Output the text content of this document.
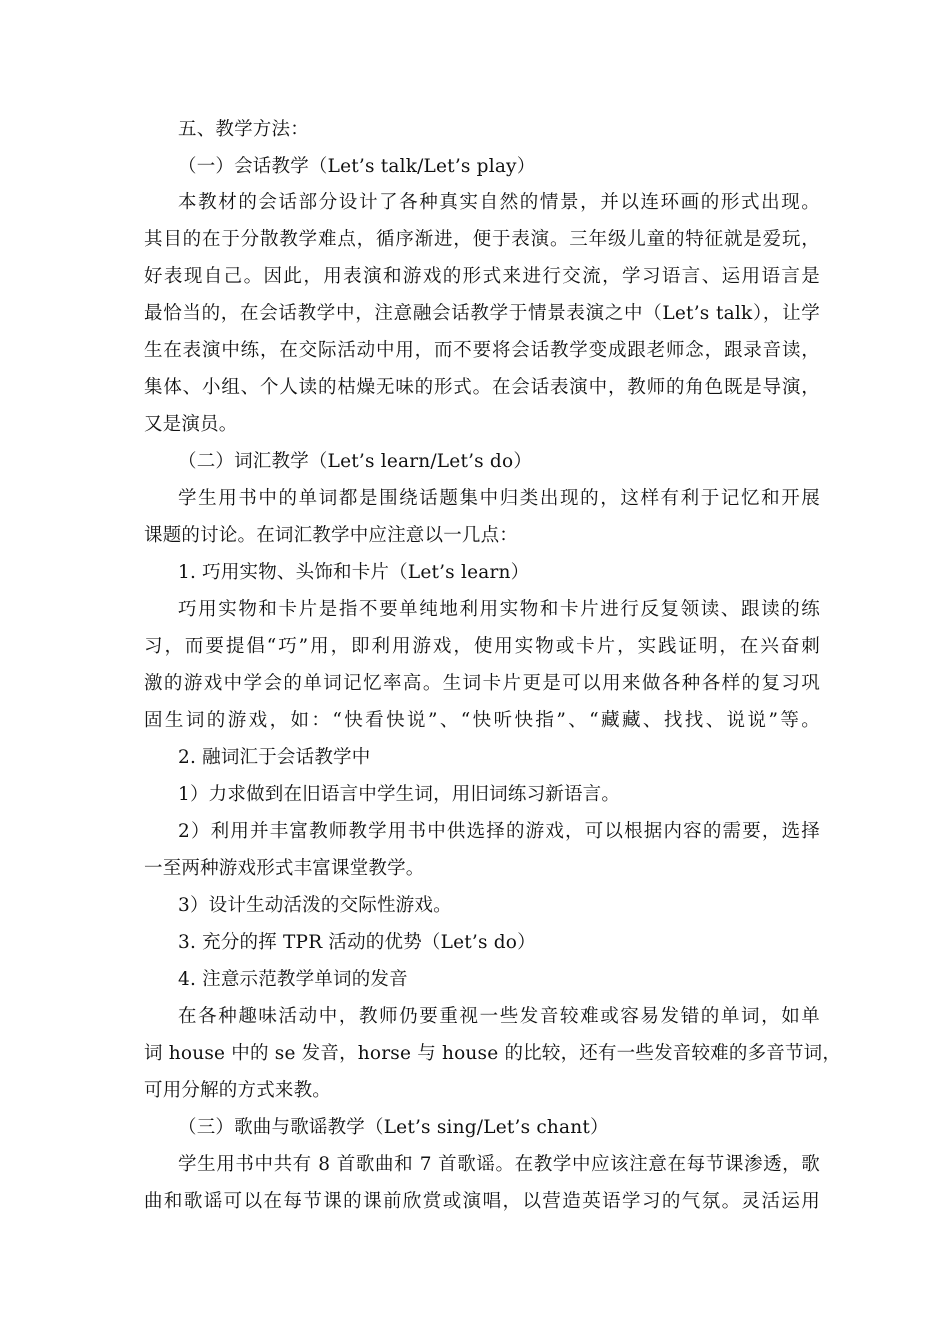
五、教学方法：
（一）会话教学（Let’s talk/Let’s play）
本教材的会话部分设计了各种真实自然的情景，并以连环画的形式出现。
其目的在于分散教学难点，循序渐进，便于表演。三年级儿童的特征就是爱玩，
好表现自己。因此，用表演和游戏的形式来进行交流，学习语言、运用语言是
最恰当的，在会话教学中，注意融会话教学于情景表演之中（Let’s talk），让学
生在表演中练，在交际活动中用，而不要将会话教学变成跟老师念，跟录音读，
集体、小组、个人读的枯燥无味的形式。在会话表演中，教师的角色既是导演，
又是演员。
（二）词汇教学（Let’s learn/Let’s do）
学生用书中的单词都是围绕话题集中归类出现的，这样有利于记忆和开展
课题的讨论。在词汇教学中应注意以一几点：
1. 巧用实物、头饰和卡片（Let’s learn）
巧用实物和卡片是指不要单纯地利用实物和卡片进行反复领读、跟读的练
习，而要提倡“巧”用，即利用游戏，使用实物或卡片，实践证明，在兴奋刺
激的游戏中学会的单词记忆率高。生词卡片更是可以用来做各种各样的复习巩
固生词的游戏，如：“快看快说”、“快听快指”、“藏藏、找找、说说”等。
2. 融词汇于会话教学中
1）力求做到在旧语言中学生词，用旧词练习新语言。
2）利用并丰富教师教学用书中供选择的游戏，可以根据内容的需要，选择
一至两种游戏形式丰富课堂教学。
3）设计生动活泼的交际性游戏。
3. 充分的挥 TPR 活动的优势（Let’s do）
4. 注意示范教学单词的发音
在各种趣味活动中，教师仍要重视一些发音较难或容易发错的单词，如单
词 house 中的 se 发音，horse 与 house 的比较，还有一些发音较难的多音节词，
可用分解的方式来教。
（三）歌曲与歌谣教学（Let’s sing/Let’s chant）
学生用书中共有 8 首歌曲和 7 首歌谣。在教学中应该注意在每节课渗透，歌
曲和歌谣可以在每节课的课前欣赏或演唱，以营造英语学习的气氛。灵活运用
